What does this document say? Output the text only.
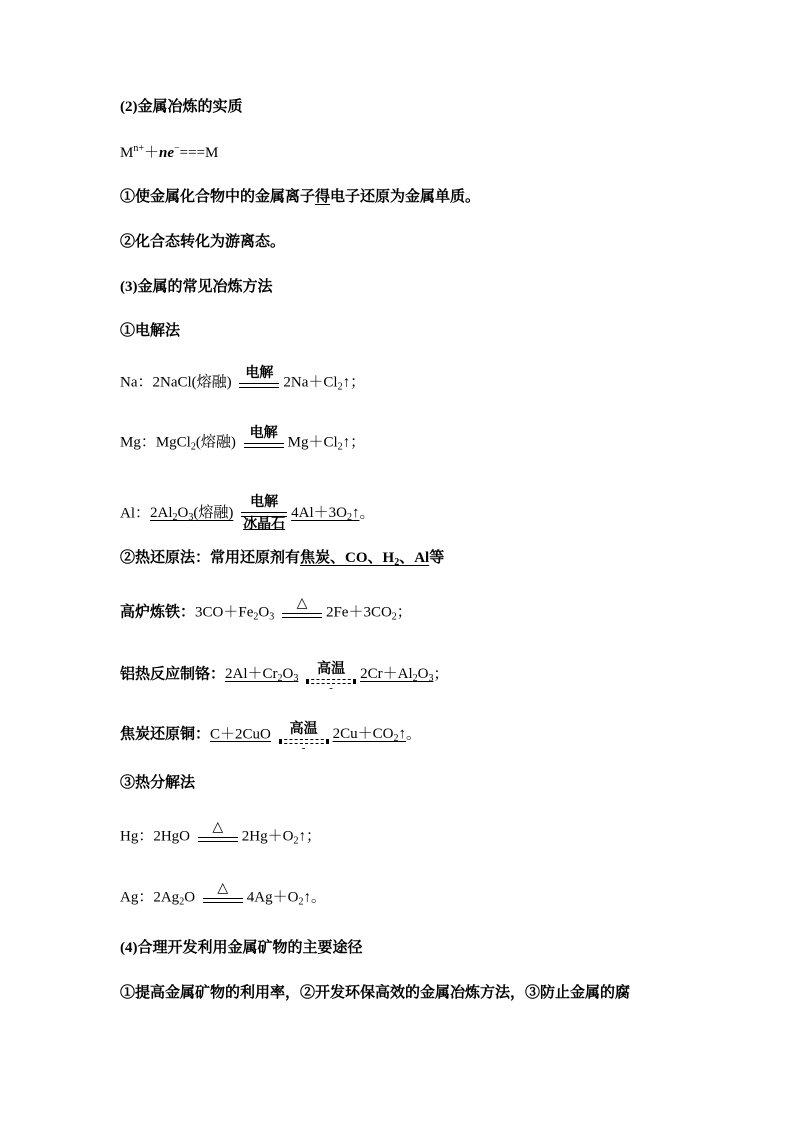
(2)金属冶炼的实质
$M^{n+}+ne^-===M$
①使金属化合物中的金属离子得电子还原为金属单质。
②化合态转化为游离态。
(3)金属的常见冶炼方法
①电解法
Na：2NaCl(熔融)
电解
$2Na+Cl_2↑$；
Mg：MgCl$_2$(熔融)
电解
$Mg+Cl_2↑$；
Al：$2Al_2O_3$(熔融)
电解
冰晶石
$4Al+3O_2↑$。
②热还原法：常用还原剂有焦炭、CO、$H_2$、Al等
高炉炼铁：$3CO+Fe_2O_3$
△
$2Fe+3CO_2$；
铝热反应制铬：$2Al+Cr_2O_3$
高温
-
$2Cr+Al_2O_3$；
焦炭还原铜：C＋2CuO	高温
-
$2Cu+CO_2↑$。
③热分解法
Hg：2HgO
△
$2Hg+O_2↑$；
Ag：$2Ag_2O$
△
$4Ag+O_2↑$。
(4)合理开发利用金属矿物的主要途径
①提高金属矿物的利用率，②开发环保高效的金属冶炼方法，③防止金属的腐
